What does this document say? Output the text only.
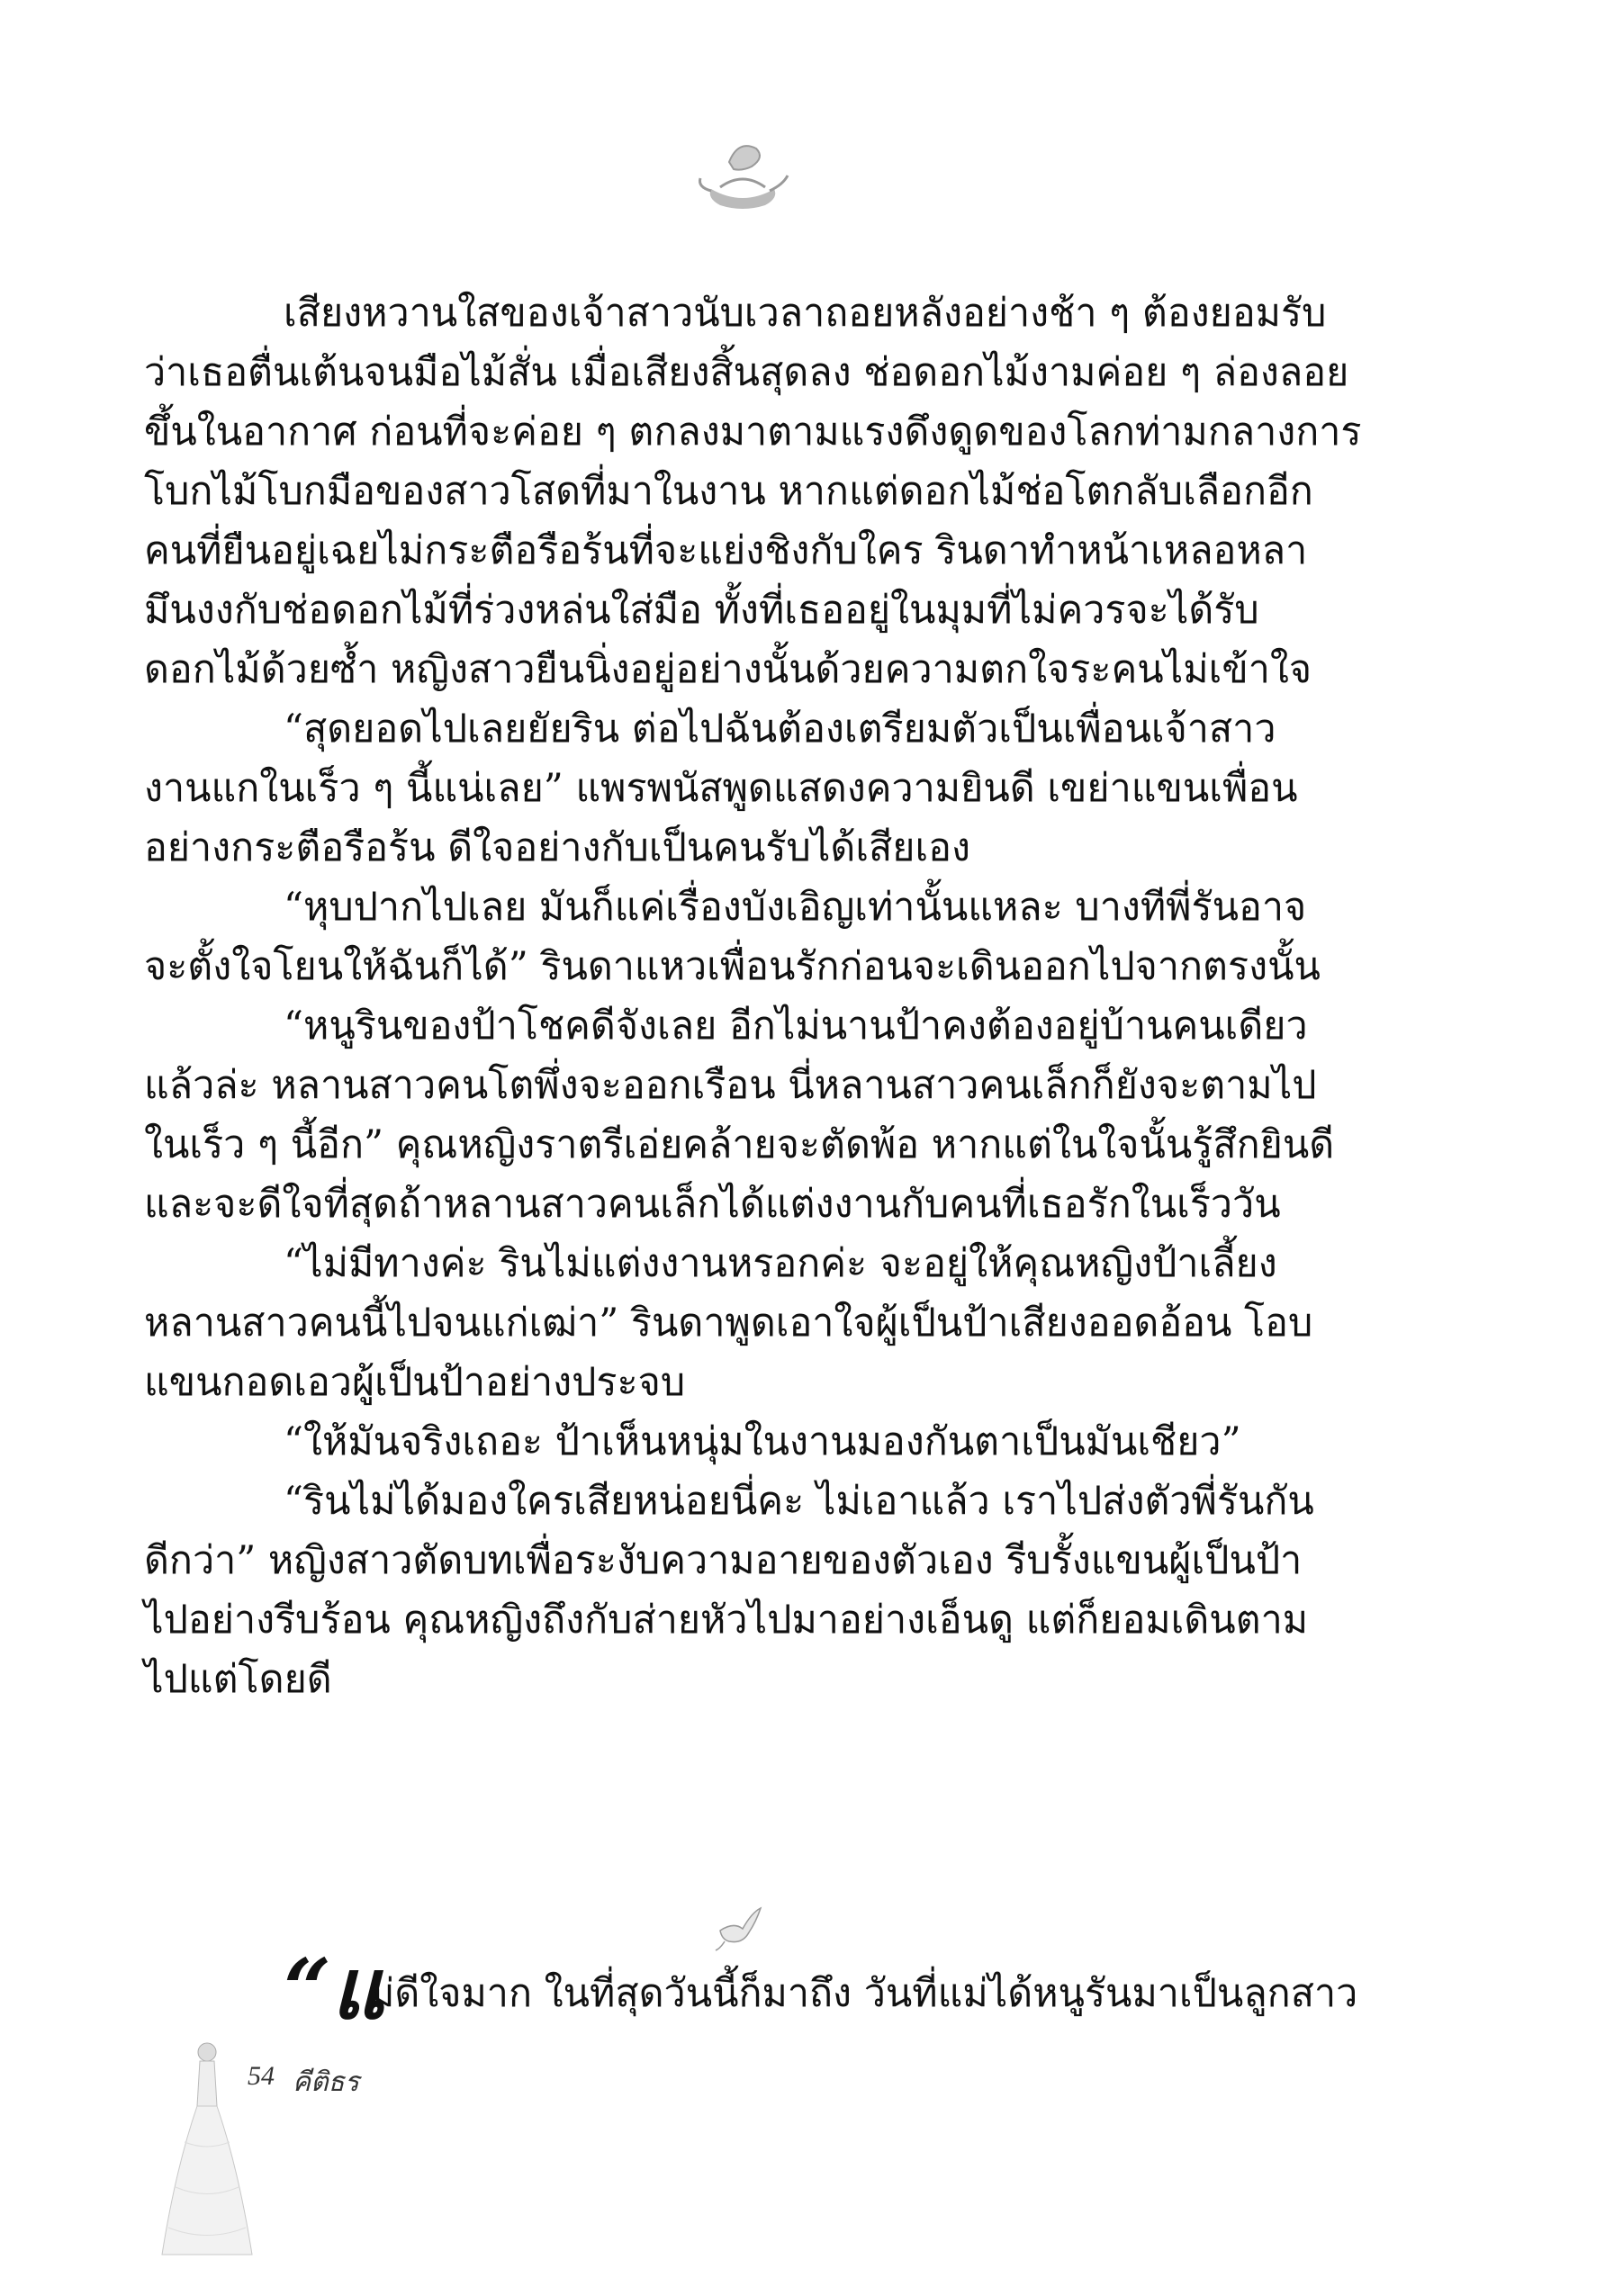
เสียงหวานใสของเจ้าสาวนับเวลาถอยหลังอย่างช้า ๆ ต้องยอมรับ
ว่าเธอตื่นเต้นจนมือไม้สั่น เมื่อเสียงสิ้นสุดลง ช่อดอกไม้งามค่อย ๆ ล่องลอย
ขึ้นในอากาศ ก่อนที่จะค่อย ๆ ตกลงมาตามแรงดึงดูดของโลกท่ามกลางการ
โบกไม้โบกมือของสาวโสดที่มาในงาน หากแต่ดอกไม้ช่อโตกลับเลือกอีก
คนที่ยืนอยู่เฉยไม่กระตือรือร้นที่จะแย่งชิงกับใคร รินดาทำหน้าเหลอหลา
มึนงงกับช่อดอกไม้ที่ร่วงหล่นใส่มือ ทั้งที่เธออยู่ในมุมที่ไม่ควรจะได้รับ
ดอกไม้ด้วยซ้ำ หญิงสาวยืนนิ่งอยู่อย่างนั้นด้วยความตกใจระคนไม่เข้าใจ
“สุดยอดไปเลยยัยริน ต่อไปฉันต้องเตรียมตัวเป็นเพื่อนเจ้าสาว
งานแกในเร็ว ๆ นี้แน่เลย” แพรพนัสพูดแสดงความยินดี เขย่าแขนเพื่อน
อย่างกระตือรือร้น ดีใจอย่างกับเป็นคนรับได้เสียเอง
“หุบปากไปเลย มันก็แค่เรื่องบังเอิญเท่านั้นแหละ บางทีพี่รันอาจ
จะตั้งใจโยนให้ฉันก็ได้” รินดาแหวเพื่อนรักก่อนจะเดินออกไปจากตรงนั้น
“หนูรินของป้าโชคดีจังเลย อีกไม่นานป้าคงต้องอยู่บ้านคนเดียว
แล้วล่ะ หลานสาวคนโตพึ่งจะออกเรือน นี่หลานสาวคนเล็กก็ยังจะตามไป
ในเร็ว ๆ นี้อีก” คุณหญิงราตรีเอ่ยคล้ายจะตัดพ้อ หากแต่ในใจนั้นรู้สึกยินดี
และจะดีใจที่สุดถ้าหลานสาวคนเล็กได้แต่งงานกับคนที่เธอรักในเร็ววัน
“ไม่มีทางค่ะ รินไม่แต่งงานหรอกค่ะ จะอยู่ให้คุณหญิงป้าเลี้ยง
หลานสาวคนนี้ไปจนแก่เฒ่า” รินดาพูดเอาใจผู้เป็นป้าเสียงออดอ้อน โอบ
แขนกอดเอวผู้เป็นป้าอย่างประจบ
“ให้มันจริงเถอะ ป้าเห็นหนุ่มในงานมองกันตาเป็นมันเชียว”
“รินไม่ได้มองใครเสียหน่อยนี่คะ ไม่เอาแล้ว เราไปส่งตัวพี่รันกัน
ดีกว่า” หญิงสาวตัดบทเพื่อระงับความอายของตัวเอง รีบรั้งแขนผู้เป็นป้า
ไปอย่างรีบร้อน คุณหญิงถึงกับส่ายหัวไปมาอย่างเอ็นดู แต่ก็ยอมเดินตาม
ไปแต่โดยดี
“แ
ม่ดีใจมาก ในที่สุดวันนี้ก็มาถึง วันที่แม่ได้หนูรันมาเป็นลูกสาว
54 คีติธร
